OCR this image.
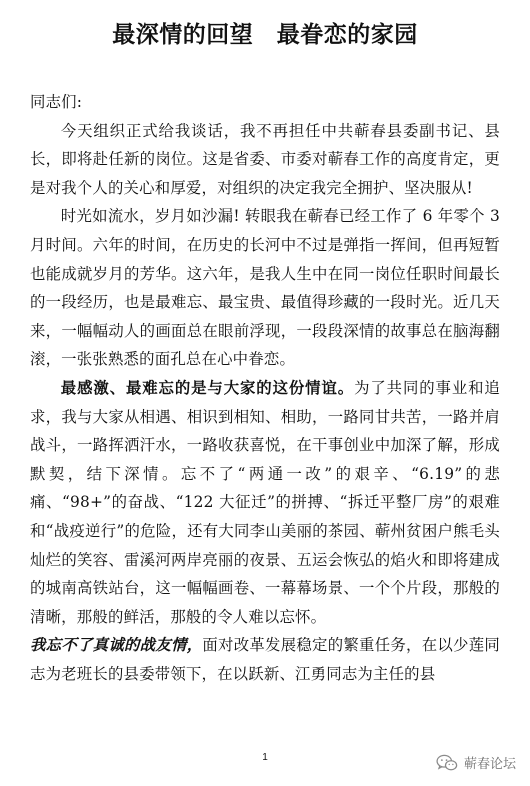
最深情的回望　最眷恋的家园

同志们:

今天组织正式给我谈话，我不再担任中共蕲春县委副书记、县长，即将赴任新的岗位。这是省委、市委对蕲春工作的高度肯定，更是对我个人的关心和厚爱，对组织的决定我完全拥护、坚决服从!

时光如流水，岁月如沙漏! 转眼我在蕲春已经工作了 6 年零个 3 月时间。六年的时间，在历史的长河中不过是弹指一挥间，但再短暂也能成就岁月的芳华。这六年，是我人生中在同一岗位任职时间最长的一段经历，也是最难忘、最宝贵、最值得珍藏的一段时光。近几天来，一幅幅动人的画面总在眼前浮现，一段段深情的故事总在脑海翻滚，一张张熟悉的面孔总在心中眷恋。

最感激、最难忘的是与大家的这份情谊。为了共同的事业和追求，我与大家从相遇、相识到相知、相助，一路同甘共苦，一路并肩战斗，一路挥洒汗水，一路收获喜悦，在干事创业中加深了解，形成默契，结下深情。忘不了“两通一改”的艰辛、“6.19”的悲痛、“98+”的奋战、“122 大征迁”的拼搏、“拆迁平整厂房”的艰难和“战疫逆行”的危险，还有大同李山美丽的茶园、蕲州贫困户熊毛头灿烂的笑容、雷溪河两岸亮丽的夜景、五运会恢弘的焰火和即将建成的城南高铁站台，这一幅幅画卷、一幕幕场景、一个个片段，那般的清晰，那般的鲜活，那般的令人难以忘怀。

我忘不了真诚的战友情，面对改革发展稳定的繁重任务，在以少莲同志为老班长的县委带领下，在以跃新、江勇同志为主任的县

1	蕲春论坛
